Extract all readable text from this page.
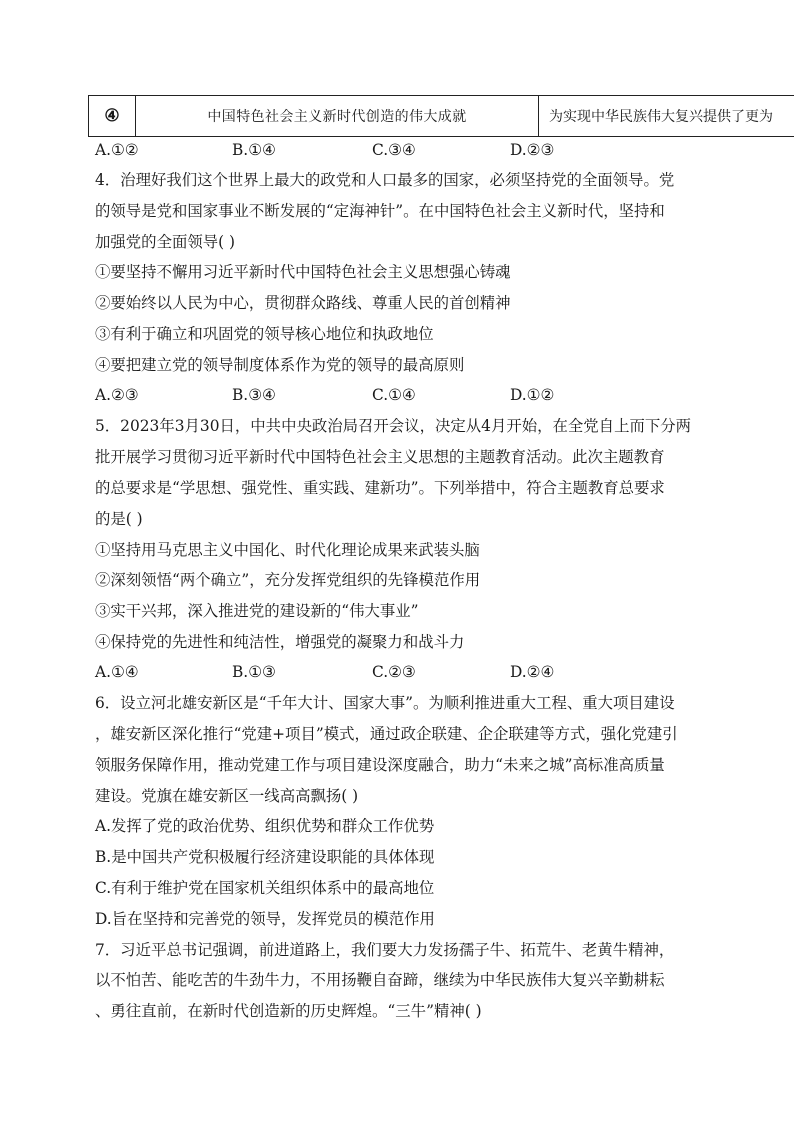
④	中国特色社会主义新时代创造的伟大成就	为实现中华民族伟大复兴提供了更为
A.①②	B.①④	C.③④	D.②③
4．治理好我们这个世界上最大的政党和人口最多的国家，必须坚持党的全面领导。党
的领导是党和国家事业不断发展的“定海神针”。在中国特色社会主义新时代，坚持和
加强党的全面领导( )
①要坚持不懈用习近平新时代中国特色社会主义思想强心铸魂
②要始终以人民为中心，贯彻群众路线、尊重人民的首创精神
③有利于确立和巩固党的领导核心地位和执政地位
④要把建立党的领导制度体系作为党的领导的最高原则
A.②③	B.③④	C.①④	D.①②
5．2023年3月30日，中共中央政治局召开会议，决定从4月开始，在全党自上而下分两
批开展学习贯彻习近平新时代中国特色社会主义思想的主题教育活动。此次主题教育
的总要求是“学思想、强党性、重实践、建新功”。下列举措中，符合主题教育总要求
的是( )
①坚持用马克思主义中国化、时代化理论成果来武装头脑
②深刻领悟“两个确立”，充分发挥党组织的先锋模范作用
③实干兴邦，深入推进党的建设新的“伟大事业”
④保持党的先进性和纯洁性，增强党的凝聚力和战斗力
A.①④	B.①③	C.②③	D.②④
6．设立河北雄安新区是“千年大计、国家大事”。为顺利推进重大工程、重大项目建设
，雄安新区深化推行“党建+项目”模式，通过政企联建、企企联建等方式，强化党建引
领服务保障作用，推动党建工作与项目建设深度融合，助力“未来之城”高标准高质量
建设。党旗在雄安新区一线高高飘扬( )
A.发挥了党的政治优势、组织优势和群众工作优势
B.是中国共产党积极履行经济建设职能的具体体现
C.有利于维护党在国家机关组织体系中的最高地位
D.旨在坚持和完善党的领导，发挥党员的模范作用
7．习近平总书记强调，前进道路上，我们要大力发扬孺子牛、拓荒牛、老黄牛精神，
以不怕苦、能吃苦的牛劲牛力，不用扬鞭自奋蹄，继续为中华民族伟大复兴辛勤耕耘
、勇往直前，在新时代创造新的历史辉煌。“三牛”精神( )
